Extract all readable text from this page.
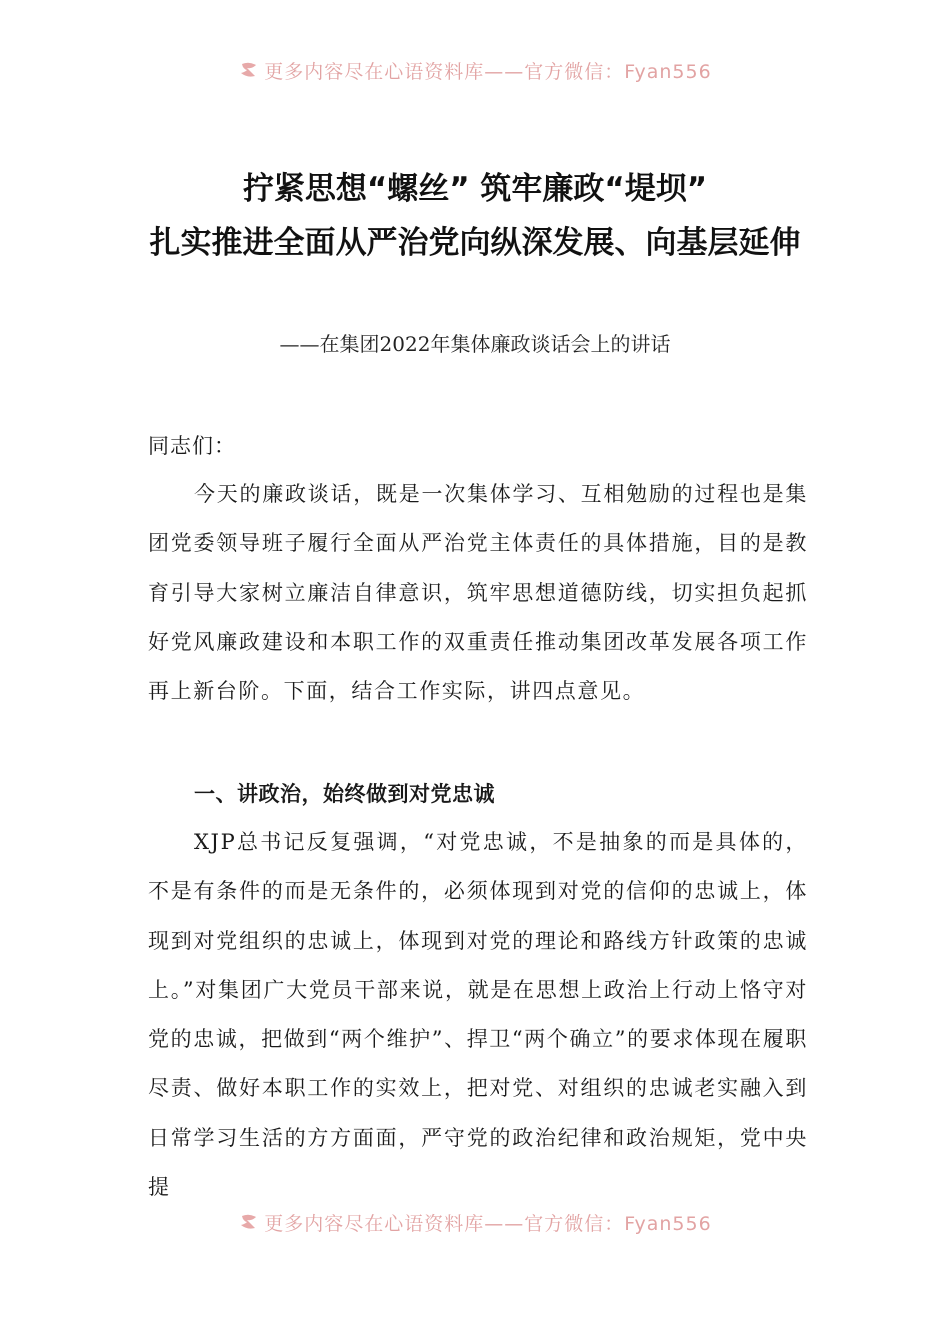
更多内容尽在心语资料库——官方微信：Fyan556
拧紧思想“螺丝” 筑牢廉政“堤坝”
扎实推进全面从严治党向纵深发展、向基层延伸
——在集团2022年集体廉政谈话会上的讲话
同志们：

今天的廉政谈话，既是一次集体学习、互相勉励的过程也是集团党委领导班子履行全面从严治党主体责任的具体措施，目的是教育引导大家树立廉洁自律意识，筑牢思想道德防线，切实担负起抓好党风廉政建设和本职工作的双重责任推动集团改革发展各项工作再上新台阶。下面，结合工作实际，讲四点意见。

一、讲政治，始终做到对党忠诚

XJP总书记反复强调，“对党忠诚，不是抽象的而是具体的，不是有条件的而是无条件的，必须体现到对党的信仰的忠诚上，体现到对党组织的忠诚上，体现到对党的理论和路线方针政策的忠诚上。”对集团广大党员干部来说，就是在思想上政治上行动上恪守对党的忠诚，把做到“两个维护”、捍卫“两个确立”的要求体现在履职尽责、做好本职工作的实效上，把对党、对组织的忠诚老实融入到日常学习生活的方方面面，严守党的政治纪律和政治规矩，党中央提

更多内容尽在心语资料库——官方微信：Fyan556
